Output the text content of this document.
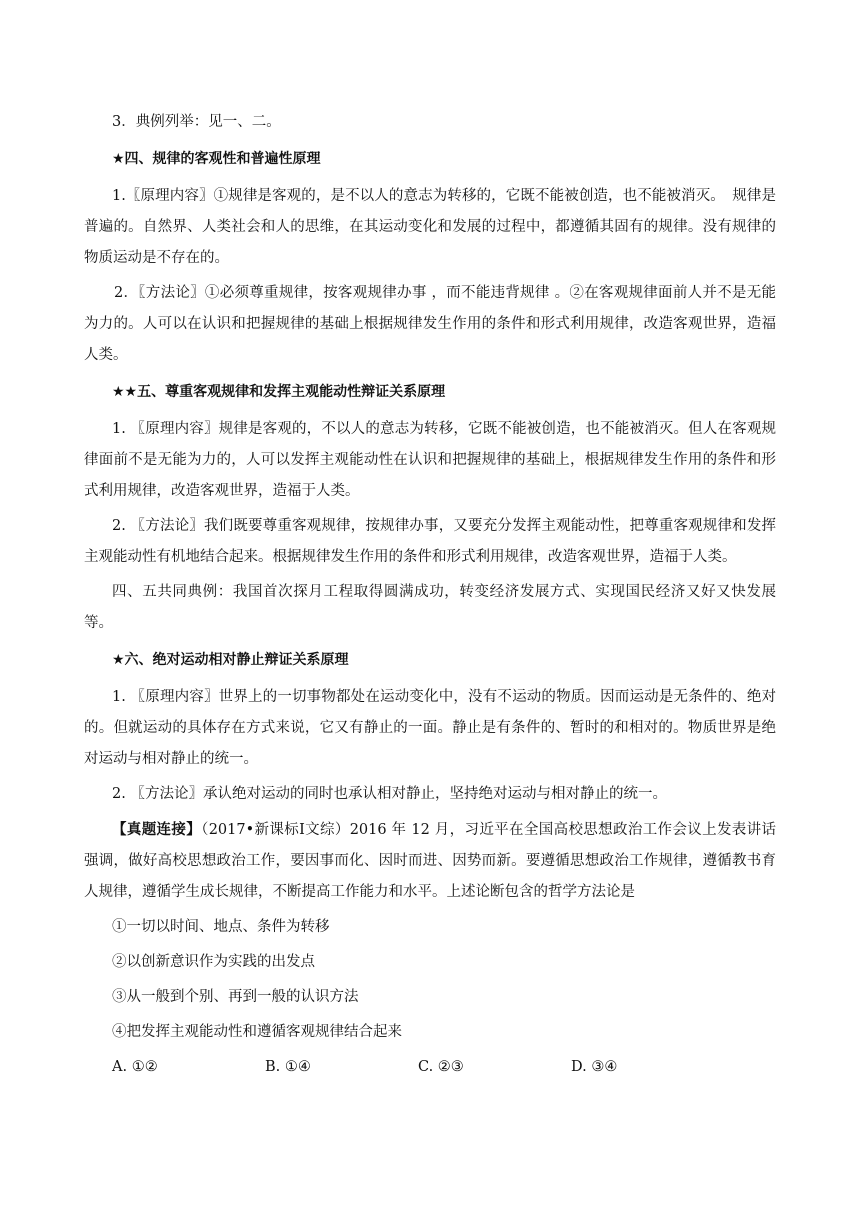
3．典例列举：见一、二。

★四、规律的客观性和普遍性原理

1.〖原理内容〗①规律是客观的，是不以人的意志为转移的，它既不能被创造，也不能被消灭。　规律是普遍的。自然界、人类社会和人的思维，在其运动变化和发展的过程中，都遵循其固有的规律。没有规律的物质运动是不存在的。

2．〖方法论〗①必须尊重规律，按客观规律办事 ，而不能违背规律 。②在客观规律面前人并不是无能为力的。人可以在认识和把握规律的基础上根据规律发生作用的条件和形式利用规律，改造客观世界，造福人类。

★★五、尊重客观规律和发挥主观能动性辩证关系原理

1. 〖原理内容〗规律是客观的，不以人的意志为转移，它既不能被创造，也不能被消灭。但人在客观规律面前不是无能为力的，人可以发挥主观能动性在认识和把握规律的基础上，根据规律发生作用的条件和形式利用规律，改造客观世界，造福于人类。

2. 〖方法论〗我们既要尊重客观规律，按规律办事，又要充分发挥主观能动性，把尊重客观规律和发挥主观能动性有机地结合起来。根据规律发生作用的条件和形式利用规律，改造客观世界，造福于人类。

四、五共同典例：我国首次探月工程取得圆满成功，转变经济发展方式、实现国民经济又好又快发展等。

★六、绝对运动相对静止辩证关系原理

1. 〖原理内容〗世界上的一切事物都处在运动变化中，没有不运动的物质。因而运动是无条件的、绝对的。但就运动的具体存在方式来说，它又有静止的一面。静止是有条件的、暂时的和相对的。物质世界是绝对运动与相对静止的统一。

2. 〖方法论〗承认绝对运动的同时也承认相对静止，坚持绝对运动与相对静止的统一。

【真题连接】（2017•新课标Ⅰ文综）2016 年 12 月，习近平在全国高校思想政治工作会议上发表讲话强调，做好高校思想政治工作，要因事而化、因时而进、因势而新。要遵循思想政治工作规律，遵循教书育人规律，遵循学生成长规律，不断提高工作能力和水平。上述论断包含的哲学方法论是

①一切以时间、地点、条件为转移

②以创新意识作为实践的出发点

③从一般到个别、再到一般的认识方法

④把发挥主观能动性和遵循客观规律结合起来

A. ①②	B. ①④	C. ②③	D. ③④
